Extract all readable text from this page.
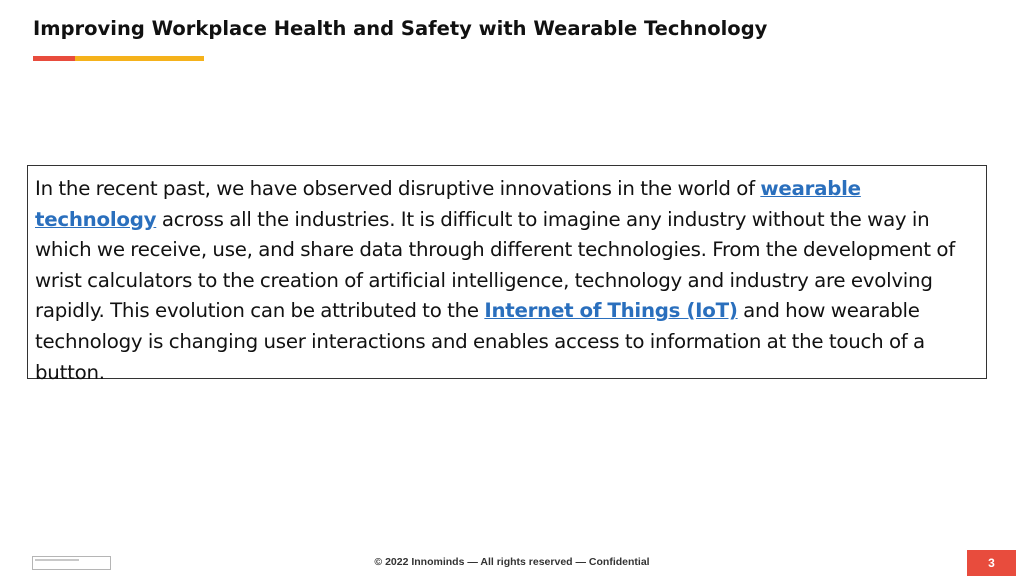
Improving Workplace Health and Safety with Wearable Technology

In the recent past, we have observed disruptive innovations in the world of wearable technology across all the industries. It is difficult to imagine any industry without the way in which we receive, use, and share data through different technologies. From the development of wrist calculators to the creation of artificial intelligence, technology and industry are evolving rapidly. This evolution can be attributed to the Internet of Things (IoT) and how wearable technology is changing user interactions and enables access to information at the touch of a button.

© 2022 Innominds — All rights reserved — Confidential	3
